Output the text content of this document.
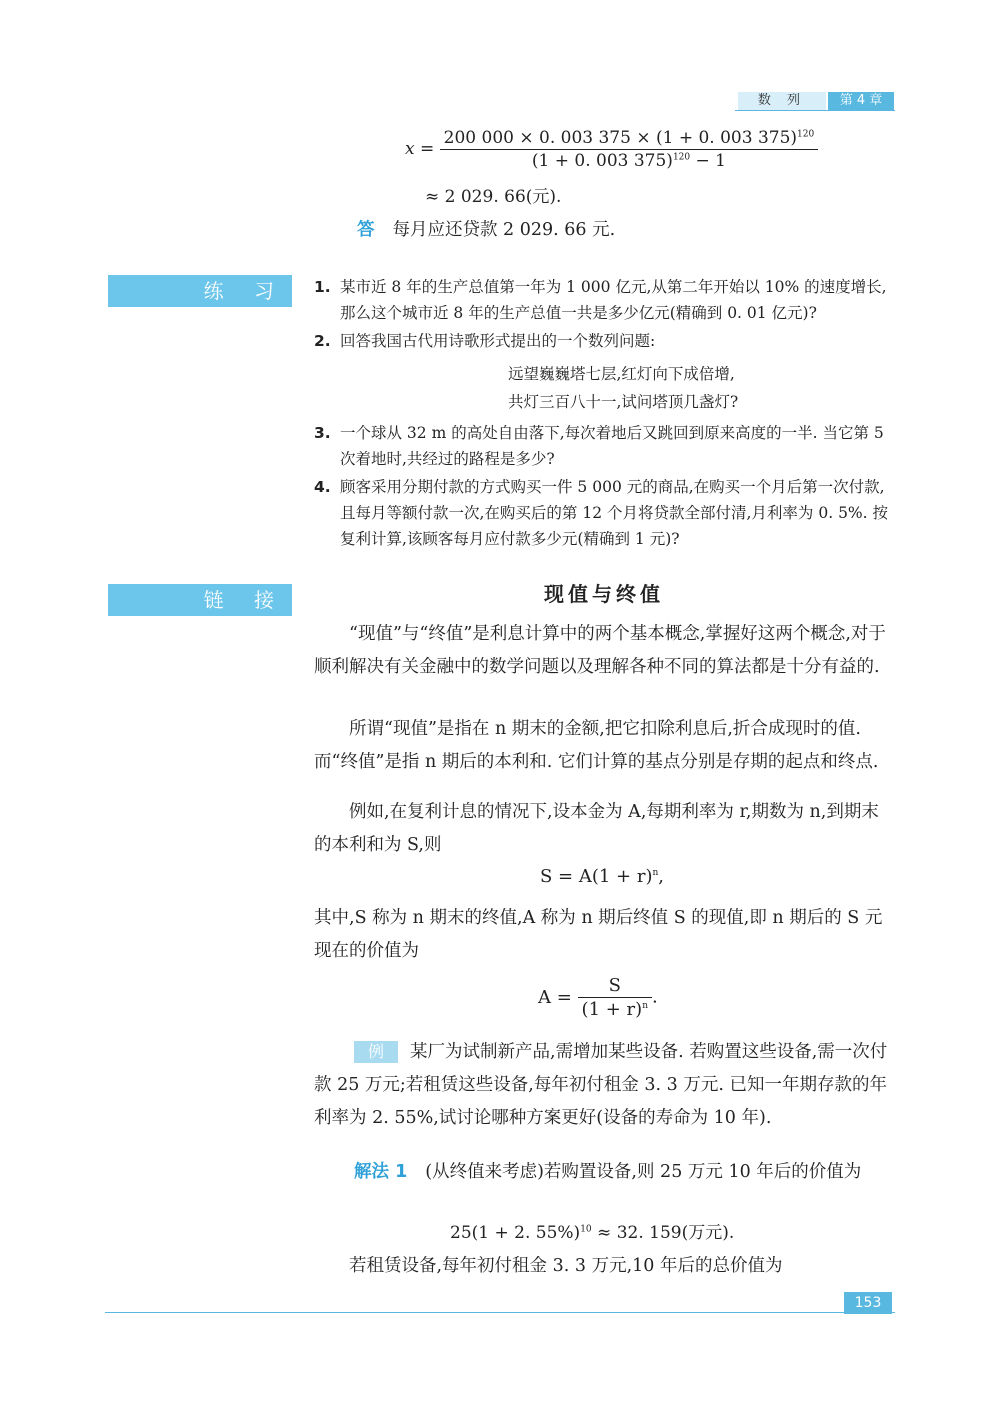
数 列	第 4 章
$x = \frac{200 000 \times 0. 003 375 \times (1 + 0. 003 375)^{120}}{(1 + 0. 003 375)^{120} - 1}$
≈ 2 029. 66(元).
答 每月应还贷款 2 029. 66 元.
练 习	1. 某市近 8 年的生产总值第一年为 1 000 亿元,从第二年开始以 10% 的速度增长,那么这个城市近 8 年的生产总值一共是多少亿元(精确到 0. 01 亿元)?
2. 回答我国古代用诗歌形式提出的一个数列问题:
远望巍巍塔七层,红灯向下成倍增,
共灯三百八十一,试问塔顶几盏灯?
3. 一个球从 32 m 的高处自由落下,每次着地后又跳回到原来高度的一半. 当它第 5 次着地时,共经过的路程是多少?
4. 顾客采用分期付款的方式购买一件 5 000 元的商品,在购买一个月后第一次付款,且每月等额付款一次,在购买后的第 12 个月将贷款全部付清,月利率为 0. 5%. 按复利计算,该顾客每月应付款多少元(精确到 1 元)?
链 接	现值与终值
“现值”与“终值”是利息计算中的两个基本概念,掌握好这两个概念,对于顺利解决有关金融中的数学问题以及理解各种不同的算法都是十分有益的.
所谓“现值”是指在 n 期末的金额,把它扣除利息后,折合成现时的值. 而“终值”是指 n 期后的本利和. 它们计算的基点分别是存期的起点和终点.
例如,在复利计息的情况下,设本金为 A,每期利率为 r,期数为 n,到期末的本利和为 S,则
$S = A(1 + r)^n$,
其中,S 称为 n 期末的终值,A 称为 n 期后终值 S 的现值,即 n 期后的 S 元现在的价值为
$A = \frac{S}{(1 + r)^n}$ .
例 某厂为试制新产品,需增加某些设备. 若购置这些设备,需一次付款 25 万元;若租赁这些设备,每年初付租金 3. 3 万元. 已知一年期存款的年利率为 2. 55%,试讨论哪种方案更好(设备的寿命为 10 年).
解法 1 (从终值来考虑)若购置设备,则 25 万元 10 年后的价值为
25(1 + 2. 55%)$^{10}$ ≈ 32. 159(万元).
若租赁设备,每年初付租金 3. 3 万元,10 年后的总价值为
153
